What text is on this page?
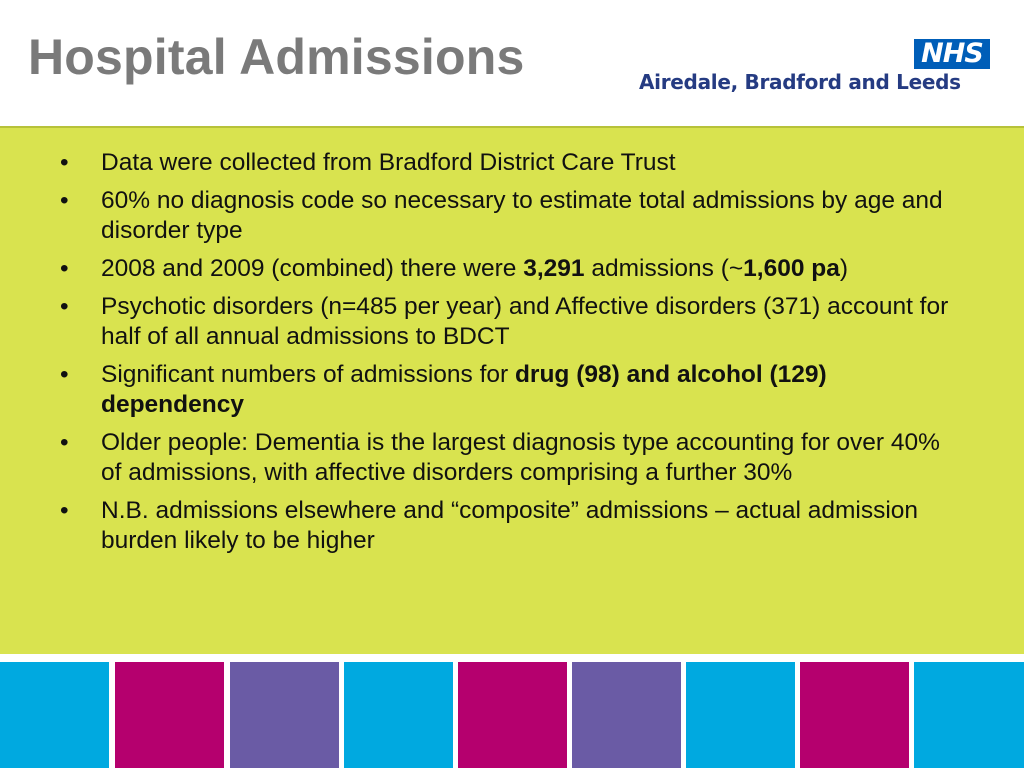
Hospital Admissions	NHS
Airedale, Bradford and Leeds
• Data were collected from Bradford District Care Trust
• 60% no diagnosis code so necessary to estimate total admissions by age and disorder type
• 2008 and 2009 (combined) there were 3,291 admissions (~1,600 pa)
• Psychotic disorders (n=485 per year) and Affective disorders (371) account for half of all annual admissions to BDCT
• Significant numbers of admissions for drug (98) and alcohol (129) dependency
• Older people: Dementia is the largest diagnosis type accounting for over 40% of admissions, with affective disorders comprising a further 30%
• N.B. admissions elsewhere and “composite” admissions – actual admission burden likely to be higher
